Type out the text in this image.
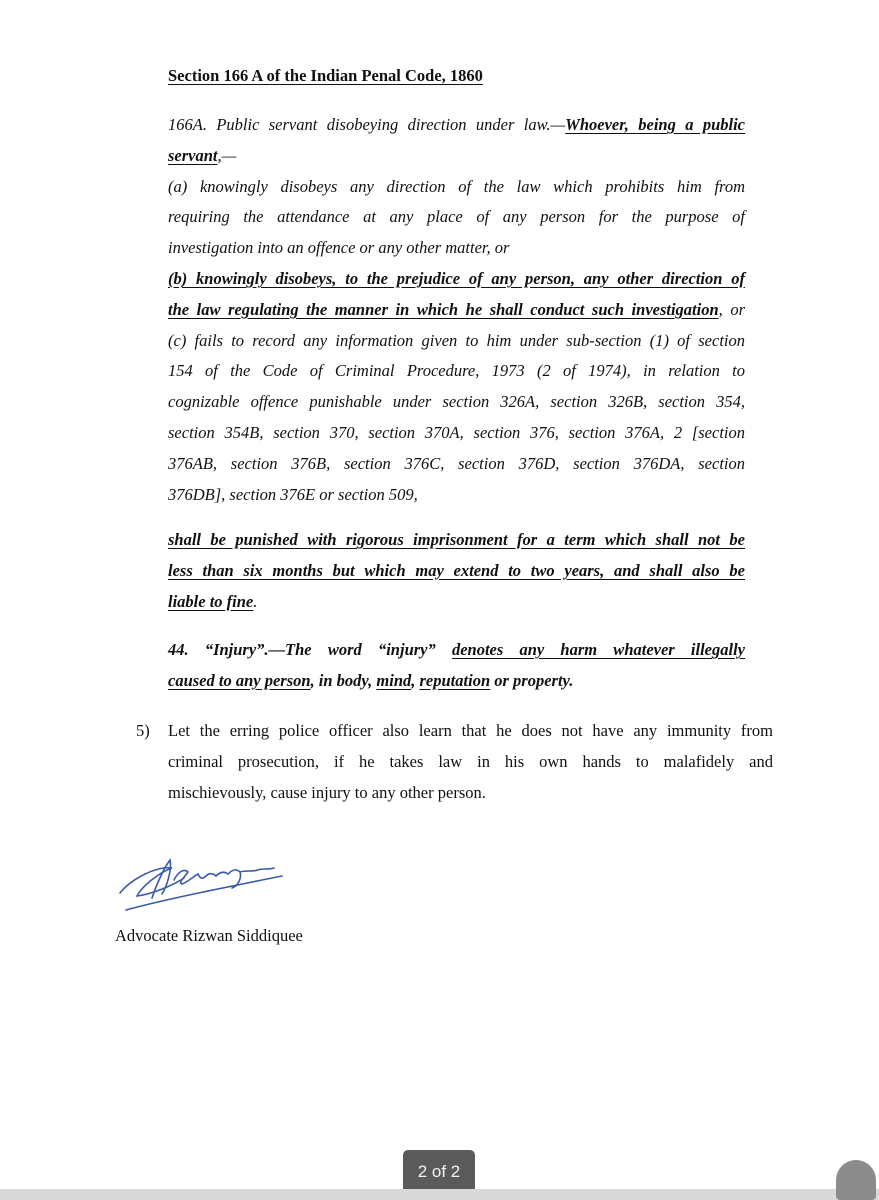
Section 166 A of the Indian Penal Code, 1860
166A. Public servant disobeying direction under law.—Whoever, being a public
servant,—
(a) knowingly disobeys any direction of the law which prohibits him from
requiring the attendance at any place of any person for the purpose of
investigation into an offence or any other matter, or
(b) knowingly disobeys, to the prejudice of any person, any other direction of
the law regulating the manner in which he shall conduct such investigation, or
(c) fails to record any information given to him under sub-section (1) of section
154 of the Code of Criminal Procedure, 1973 (2 of 1974), in relation to
cognizable offence punishable under section 326A, section 326B, section 354,
section 354B, section 370, section 370A, section 376, section 376A, 2 [section
376AB, section 376B, section 376C, section 376D, section 376DA, section
376DB], section 376E or section 509,
shall be punished with rigorous imprisonment for a term which shall not be
less than six months but which may extend to two years, and shall also be
liable to fine.
44. “Injury”.—The word “injury” denotes any harm whatever illegally
caused to any person, in body, mind, reputation or property.
5) Let the erring police officer also learn that he does not have any immunity from
criminal prosecution, if he takes law in his own hands to malafidely and
mischievously, cause injury to any other person.
Advocate Rizwan Siddiquee
2 of 2
